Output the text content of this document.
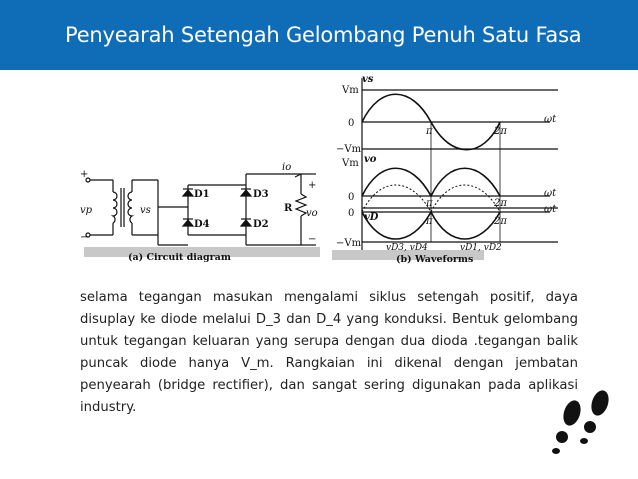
Penyearah Setengah Gelombang Penuh Satu Fasa
vp
+
−
vs
D1	D3
D4	D2
R vo
+
−
io
(a) Circuit diagram
vs
Vm
0
−Vm
π	2π
ωt
vo
Vm
0
π	2π
ωt
vD
0
−Vm
π	2π
ωt
vD3, vD4	vD1, vD2
(b) Waveforms
selama tegangan masukan mengalami siklus setengah positif, daya disuplay ke diode melalui D_3 dan D_4 yang konduksi. Bentuk gelombang untuk tegangan keluaran yang serupa dengan dua dioda .tegangan balik puncak diode hanya V_m. Rangkaian ini dikenal dengan jembatan penyearah (bridge rectifier), dan sangat sering digunakan pada aplikasi industry.
